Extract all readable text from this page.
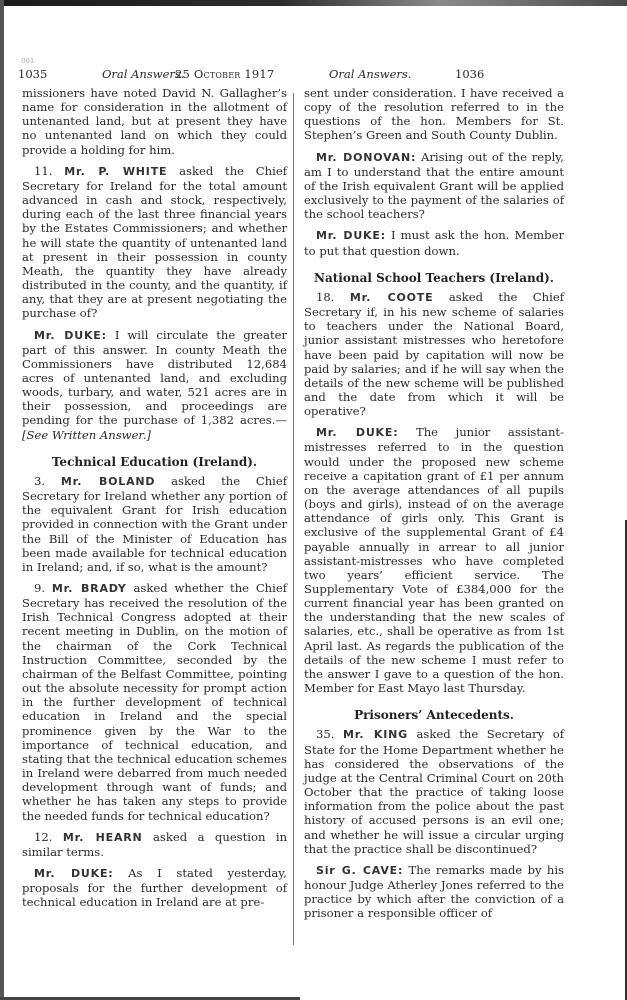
001
1035	Oral Answers.
25 October 1917	Oral Answers.	1036

missioners have noted David N. Gallagher’s name for consideration in the allotment of untenanted land, but at present they have no untenanted land on which they could provide a holding for him.

11. Mr. P. WHITE asked the Chief Secretary for Ireland for the total amount advanced in cash and stock, respectively, during each of the last three financial years by the Estates Commissioners; and whether he will state the quantity of untenanted land at present in their possession in county Meath, the quantity they have already distributed in the county, and the quantity, if any, that they are at present negotiating the purchase of?

Mr. DUKE: I will circulate the greater part of this answer. In county Meath the Commissioners have distributed 12,684 acres of untenanted land, and excluding woods, turbary, and water, 521 acres are in their possession, and proceedings are pending for the purchase of 1,382 acres.— [See Written Answer.]

Technical Education (Ireland).

3. Mr. BOLAND asked the Chief Secretary for Ireland whether any portion of the equivalent Grant for Irish education provided in connection with the Grant under the Bill of the Minister of Education has been made available for technical education in Ireland; and, if so, what is the amount?

9. Mr. BRADY asked whether the Chief Secretary has received the resolution of the Irish Technical Congress adopted at their recent meeting in Dublin, on the motion of the chairman of the Cork Technical Instruction Committee, seconded by the chairman of the Belfast Committee, pointing out the absolute necessity for prompt action in the further development of technical education in Ireland and the special prominence given by the War to the importance of technical education, and stating that the technical education schemes in Ireland were debarred from much needed development through want of funds; and whether he has taken any steps to provide the needed funds for technical education?

12. Mr. HEARN asked a question in similar terms.

Mr. DUKE: As I stated yesterday, proposals for the further development of technical education in Ireland are at pre-

sent under consideration. I have received a copy of the resolution referred to in the questions of the hon. Members for St. Stephen’s Green and South County Dublin.

Mr. DONOVAN: Arising out of the reply, am I to understand that the entire amount of the Irish equivalent Grant will be applied exclusively to the payment of the salaries of the school teachers?

Mr. DUKE: I must ask the hon. Member to put that question down.

National School Teachers (Ireland).

18. Mr. COOTE asked the Chief Secretary if, in his new scheme of salaries to teachers under the National Board, junior assistant mistresses who heretofore have been paid by capitation will now be paid by salaries; and if he will say when the details of the new scheme will be published and the date from which it will be operative?

Mr. DUKE: The junior assistant-mistresses referred to in the question would under the proposed new scheme receive a capitation grant of £1 per annum on the average attendances of all pupils (boys and girls), instead of on the average attendance of girls only. This Grant is exclusive of the supplemental Grant of £4 payable annually in arrear to all junior assistant-mistresses who have completed two years’ efficient service. The Supplementary Vote of £384,000 for the current financial year has been granted on the understanding that the new scales of salaries, etc., shall be operative as from 1st April last. As regards the publication of the details of the new scheme I must refer to the answer I gave to a question of the hon. Member for East Mayo last Thursday.

Prisoners’ Antecedents.

35. Mr. KING asked the Secretary of State for the Home Department whether he has considered the observations of the judge at the Central Criminal Court on 20th October that the practice of taking loose information from the police about the past history of accused persons is an evil one; and whether he will issue a circular urging that the practice shall be discontinued?

Sir G. CAVE: The remarks made by his honour Judge Atherley Jones referred to the practice by which after the conviction of a prisoner a responsible officer of
